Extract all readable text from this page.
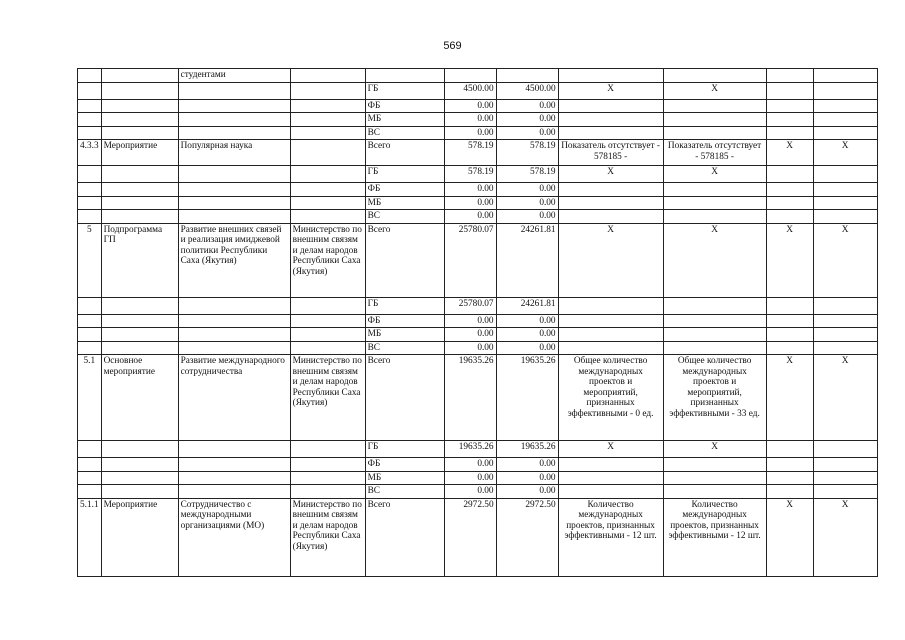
569
		студентами								
				ГБ	4500.00	4500.00	X	X		
				ФБ	0.00	0.00				
				МБ	0.00	0.00				
				ВС	0.00	0.00				
4.3.3	Мероприятие	Популярная наука		Всего	578.19	578.19	Показатель отсутствует - 578185 -	Показатель отсутствует - 578185 -	X	X
				ГБ	578.19	578.19	X	X		
				ФБ	0.00	0.00				
				МБ	0.00	0.00				
				ВС	0.00	0.00				
5	Подпрограмма ГП	Развитие внешних связей и реализация имиджевой политики Республики Саха (Якутия)	Министерство по внешним связям и делам народов Республики Саха (Якутия)	Всего	25780.07	24261.81	X	X	X	X
				ГБ	25780.07	24261.81				
				ФБ	0.00	0.00				
				МБ	0.00	0.00				
				ВС	0.00	0.00				
5.1	Основное мероприятие	Развитие международного сотрудничества	Министерство по внешним связям и делам народов Республики Саха (Якутия)	Всего	19635.26	19635.26	Общее количество международных проектов и мероприятий, признанных эффективными - 0 ед.	Общее количество международных проектов и мероприятий, признанных эффективными - 33 ед.	X	X
				ГБ	19635.26	19635.26	X	X		
				ФБ	0.00	0.00				
				МБ	0.00	0.00				
				ВС	0.00	0.00				
5.1.1	Мероприятие	Сотрудничество с международными организациями (МО)	Министерство по внешним связям и делам народов Республики Саха (Якутия)	Всего	2972.50	2972.50	Количество международных проектов, признанных эффективными - 12 шт.	Количество международных проектов, признанных эффективными - 12 шт.	X	X
